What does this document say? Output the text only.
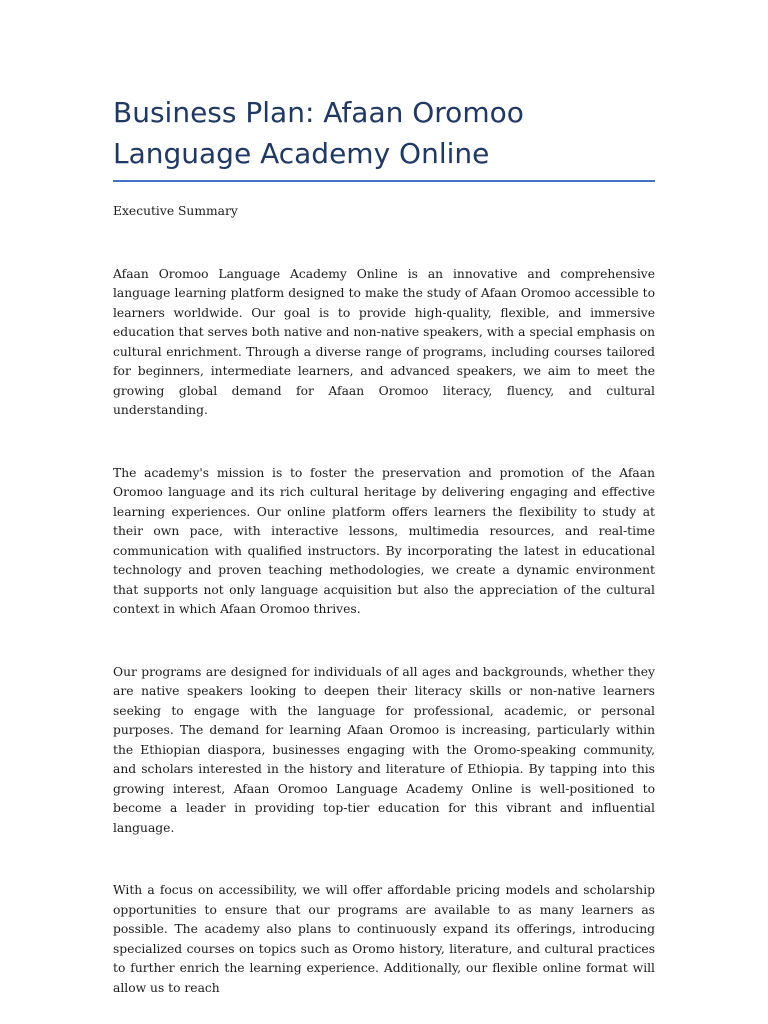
Business Plan: Afaan Oromoo Language Academy Online

Executive Summary

Afaan Oromoo Language Academy Online is an innovative and comprehensive language learning platform designed to make the study of Afaan Oromoo accessible to learners worldwide. Our goal is to provide high-quality, flexible, and immersive education that serves both native and non-native speakers, with a special emphasis on cultural enrichment. Through a diverse range of programs, including courses tailored for beginners, intermediate learners, and advanced speakers, we aim to meet the growing global demand for Afaan Oromoo literacy, fluency, and cultural understanding.

The academy's mission is to foster the preservation and promotion of the Afaan Oromoo language and its rich cultural heritage by delivering engaging and effective learning experiences. Our online platform offers learners the flexibility to study at their own pace, with interactive lessons, multimedia resources, and real-time communication with qualified instructors. By incorporating the latest in educational technology and proven teaching methodologies, we create a dynamic environment that supports not only language acquisition but also the appreciation of the cultural context in which Afaan Oromoo thrives.

Our programs are designed for individuals of all ages and backgrounds, whether they are native speakers looking to deepen their literacy skills or non-native learners seeking to engage with the language for professional, academic, or personal purposes. The demand for learning Afaan Oromoo is increasing, particularly within the Ethiopian diaspora, businesses engaging with the Oromo-speaking community, and scholars interested in the history and literature of Ethiopia. By tapping into this growing interest, Afaan Oromoo Language Academy Online is well-positioned to become a leader in providing top-tier education for this vibrant and influential language.

With a focus on accessibility, we will offer affordable pricing models and scholarship opportunities to ensure that our programs are available to as many learners as possible. The academy also plans to continuously expand its offerings, introducing specialized courses on topics such as Oromo history, literature, and cultural practices to further enrich the learning experience. Additionally, our flexible online format will allow us to reach
